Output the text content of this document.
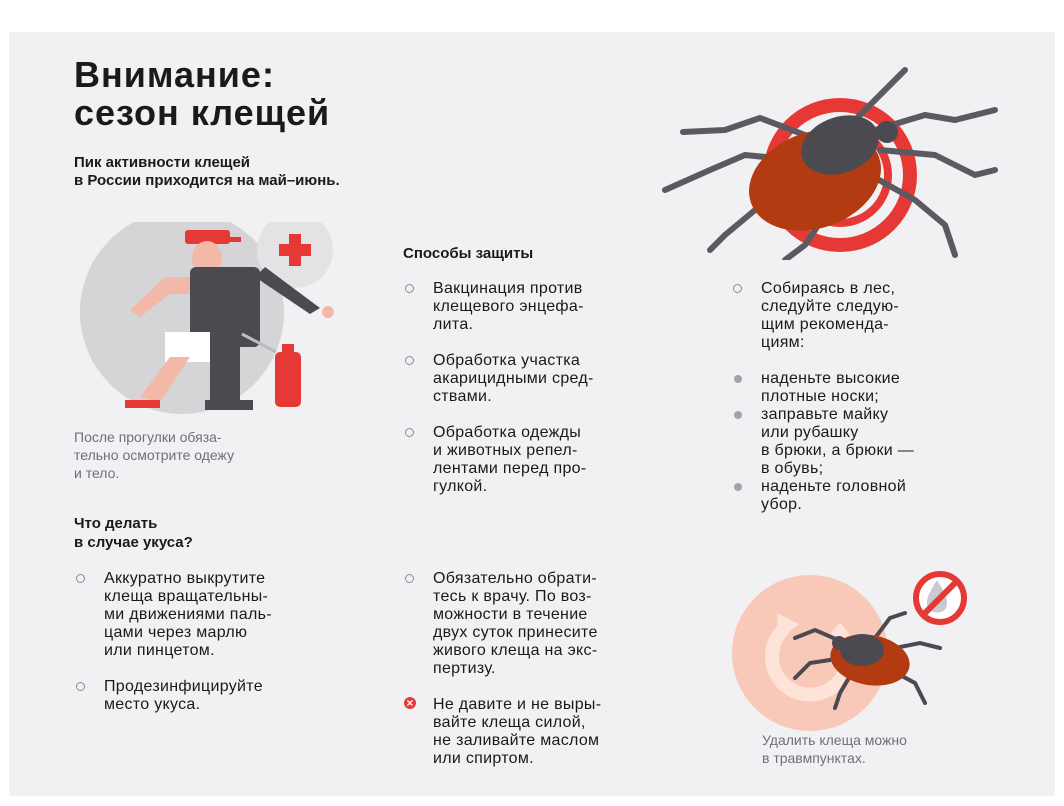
Внимание:
сезон клещей
Пик активности клещей
в России приходится на май–июнь.
После прогулки обяза-
тельно осмотрите одежу
и тело.
Способы защиты
Вакцинация против
клещевого энцефа-
лита.
Обработка участка
акарицидными сред-
ствами.
Обработка одежды
и животных репел-
лентами перед про-
гулкой.
Собираясь в лес,
следуйте следую-
щим рекоменда-
циям:
наденьте высокие
плотные носки;
заправьте майку
или рубашку
в брюки, а брюки —
в обувь;
наденьте головной
убор.
Что делать
в случае укуса?
Аккуратно выкрутите
клеща вращательны-
ми движениями паль-
цами через марлю
или пинцетом.
Продезинфицируйте
место укуса.
Обязательно обрати-
тесь к врачу. По воз-
можности в течение
двух суток принесите
живого клеща на экс-
пертизу.
× Не давите и не выры-
вайте клеща силой,
не заливайте маслом
или спиртом.
Удалить клеща можно
в травмпунктах.
